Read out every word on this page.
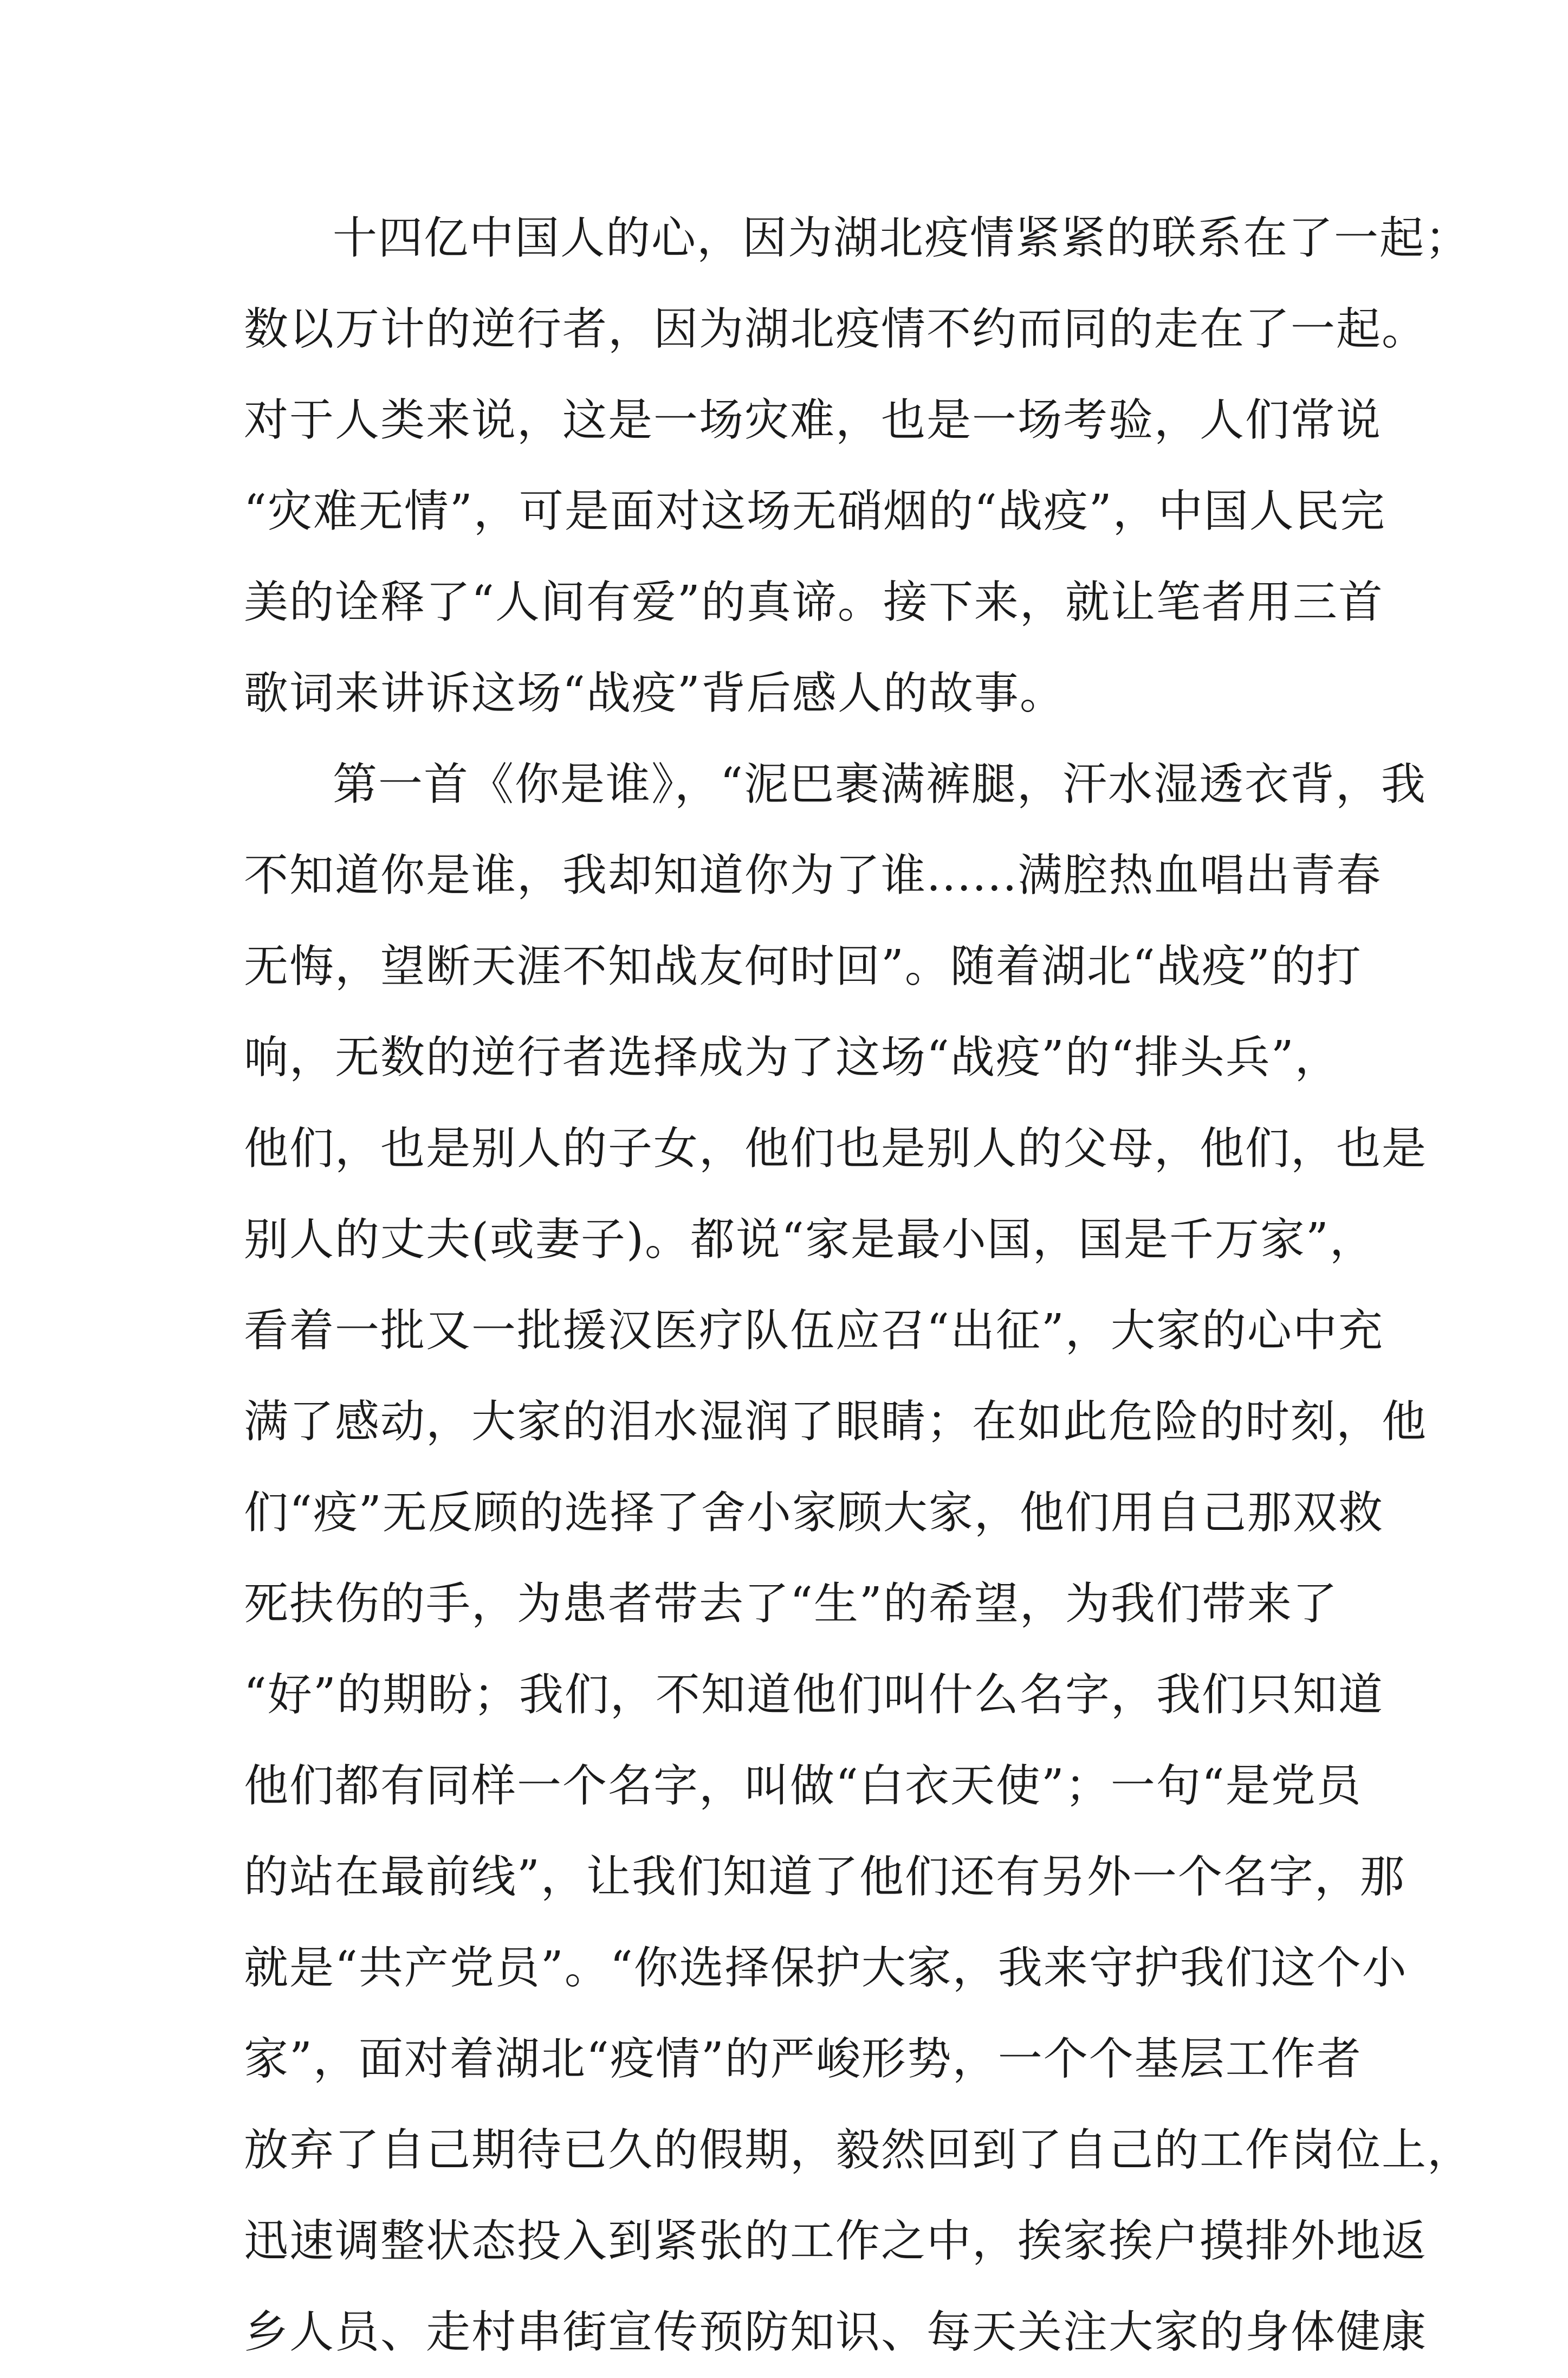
十四亿中国人的心，因为湖北疫情紧紧的联系在了一起；
数以万计的逆行者，因为湖北疫情不约而同的走在了一起。
对于人类来说，这是一场灾难，也是一场考验，人们常说
“灾难无情”，可是面对这场无硝烟的“战疫”，中国人民完
美的诠释了“人间有爱”的真谛。接下来，就让笔者用三首
歌词来讲诉这场“战疫”背后感人的故事。
第一首《你是谁》，“泥巴裹满裤腿，汗水湿透衣背，我
不知道你是谁，我却知道你为了谁......满腔热血唱出青春
无悔，望断天涯不知战友何时回”。随着湖北“战疫”的打
响，无数的逆行者选择成为了这场“战疫”的“排头兵”，
他们，也是别人的子女，他们也是别人的父母，他们，也是
别人的丈夫(或妻子)。都说“家是最小国，国是千万家”，
看着一批又一批援汉医疗队伍应召“出征”，大家的心中充
满了感动，大家的泪水湿润了眼睛；在如此危险的时刻，他
们“疫”无反顾的选择了舍小家顾大家，他们用自己那双救
死扶伤的手，为患者带去了“生”的希望，为我们带来了
“好”的期盼；我们，不知道他们叫什么名字，我们只知道
他们都有同样一个名字，叫做“白衣天使”；一句“是党员
的站在最前线”，让我们知道了他们还有另外一个名字，那
就是“共产党员”。“你选择保护大家，我来守护我们这个小
家”，面对着湖北“疫情”的严峻形势，一个个基层工作者
放弃了自己期待已久的假期，毅然回到了自己的工作岗位上，
迅速调整状态投入到紧张的工作之中，挨家挨户摸排外地返
乡人员、走村串街宣传预防知识、每天关注大家的身体健康
